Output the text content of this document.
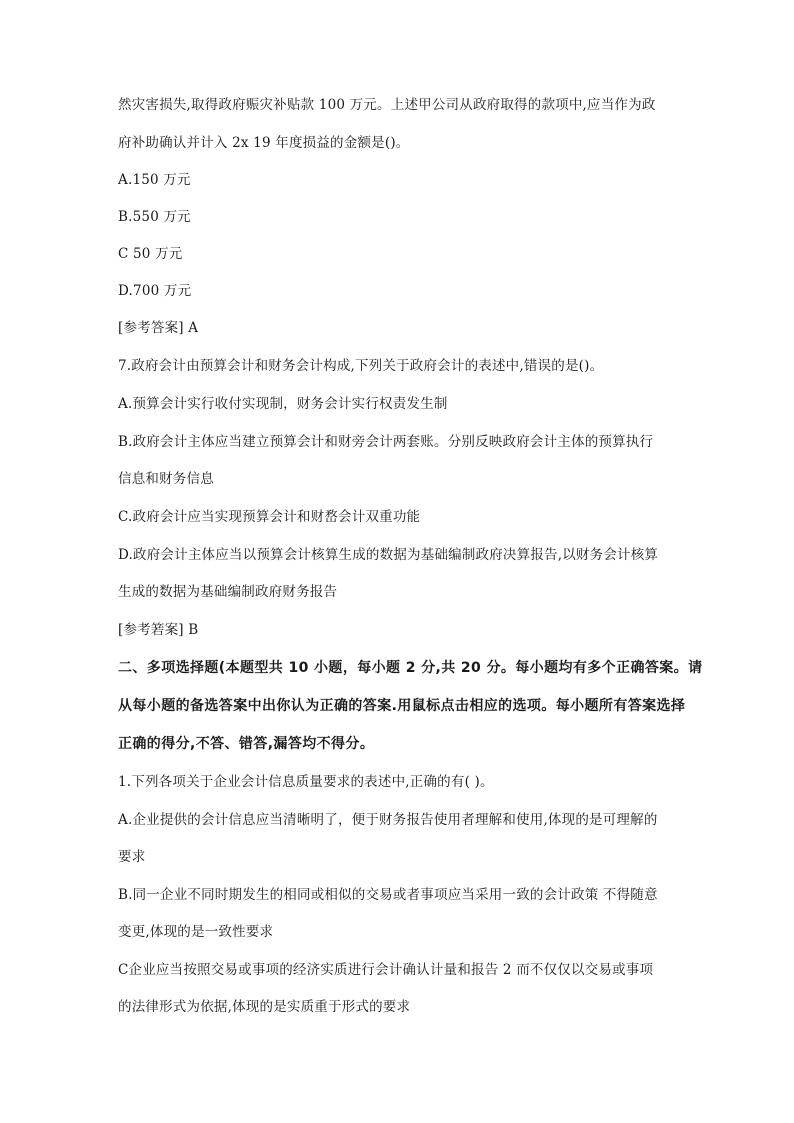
然灾害损失,取得政府赈灾补贴款 100 万元。上述甲公司从政府取得的款项中,应当作为政
府补助确认并计入 2x 19 年度损益的金额是()。
A.150 万元
B.550 万元
C 50 万元
D.700 万元
[参考答案] A
7.政府会计由预算会计和财务会计构成,下列关于政府会计的表述中,错误的是()。
A.预算会计实行收付实现制，财务会计实行权责发生制
B.政府会计主体应当建立预算会计和财旁会计两套账。分别反映政府会计主体的预算执行
信息和财务信息
C.政府会计应当实现预算会计和财嵍会计双重功能
D.政府会计主体应当以预算会计核算生成的数据为基础编制政府决算报告,以财务会计核算
生成的数据为基础编制政府财务报告
[参考箬案] B
二、多项选择题(本题型共 10 小题，每小题 2 分,共 20 分。每小题均有多个正确答案。请
从每小题的备选答案中出你认为正确的答案.用鼠标点击相应的选项。每小题所有答案选择
正确的得分,不答、错答,漏答均不得分。
1.下列各项关于企业会计信息质量要求的表述中,正确的有( )。
A.企业提供的会计信息应当清晰明了，便于财务报告使用者理解和使用,体现的是可理解的
要求
B.同一企业不同时期发生的相同或相似的交易或者事项应当采用一致的会计政策 不得随意
变更,体现的是一致性要求
C企业应当按照交易或事项的经济实质进行会计确认计量和报告 2 而不仅仅以交易或事项
的法律形式为依据,体现的是实质重于形式的要求
